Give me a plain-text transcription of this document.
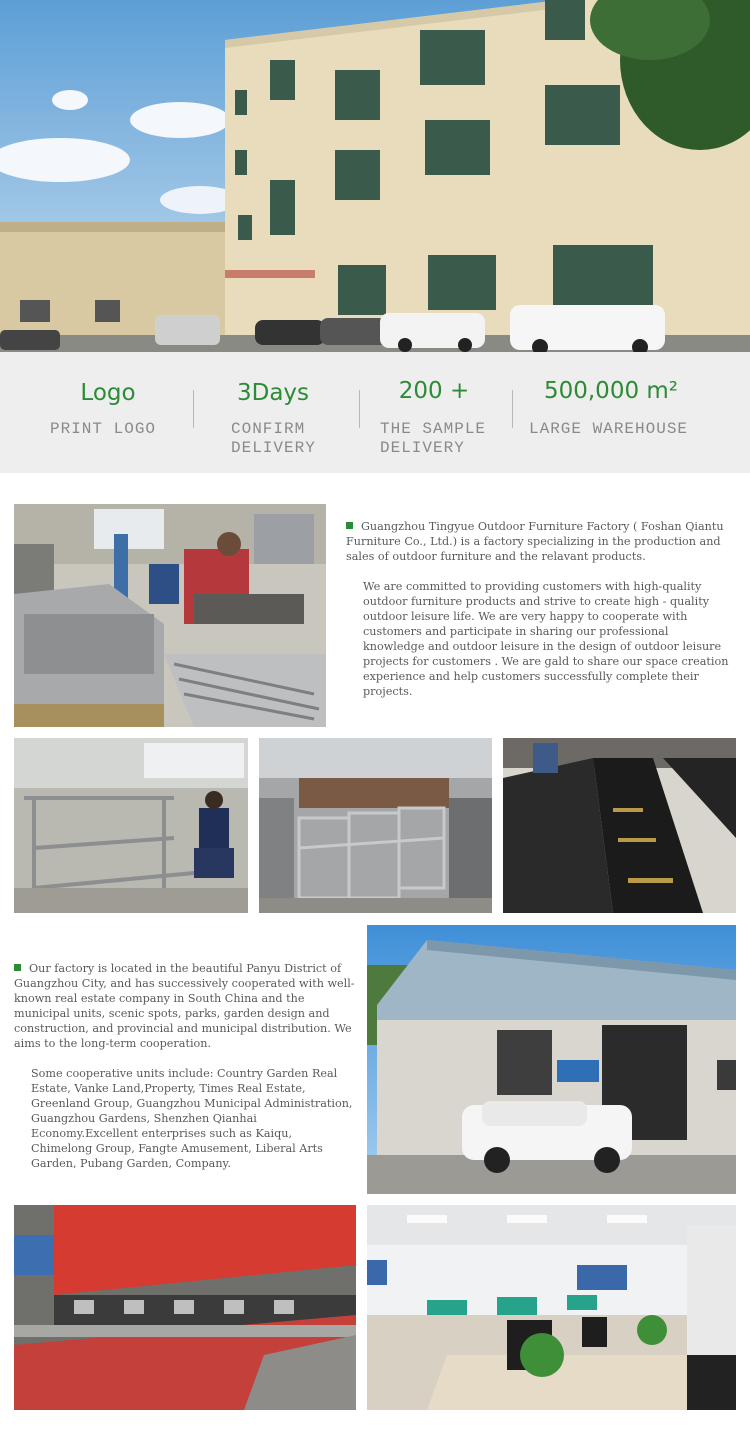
Logo
PRINT LOGO
3Days
CONFIRM
DELIVERY
200 +
THE SAMPLE
DELIVERY
500,000 m²
LARGE WAREHOUSE

Guangzhou Tingyue Outdoor Furniture Factory ( Foshan Qiantu Furniture Co., Ltd.) is a factory specializing in the production and sales of outdoor furniture and the relavant products.

We are committed to providing customers with high-quality outdoor furniture products and strive to create high - quality outdoor leisure life. We are very happy to cooperate with customers and participate in sharing our professional knowledge and outdoor leisure in the design of outdoor leisure projects for customers . We are gald to share our space creation experience and help customers successfully complete their projects.

Our factory is located in the beautiful Panyu District of Guangzhou City, and has successively cooperated with well-known real estate company in South China and the municipal units, scenic spots, parks, garden design and construction, and provincial and municipal distribution. We aims to the long-term cooperation.

Some cooperative units include: Country Garden Real Estate, Vanke Land,Property, Times Real Estate, Greenland Group, Guangzhou Municipal Administration, Guangzhou Gardens, Shenzhen Qianhai Economy.Excellent enterprises such as Kaiqu, Chimelong Group, Fangte Amusement, Liberal Arts Garden, Pubang Garden, Company.
